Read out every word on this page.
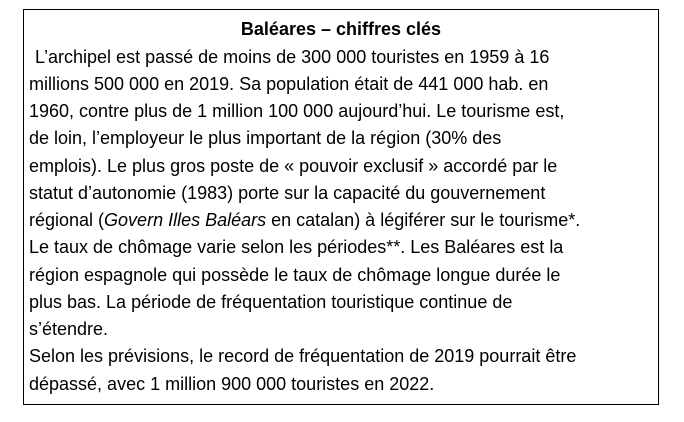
Baléares – chiffres clés
L’archipel est passé de moins de 300 000 touristes en 1959 à 16
millions 500 000 en 2019. Sa population était de 441 000 hab. en
1960, contre plus de 1 million 100 000 aujourd’hui. Le tourisme est,
de loin, l’employeur le plus important de la région (30% des
emplois). Le plus gros poste de « pouvoir exclusif » accordé par le
statut d’autonomie (1983) porte sur la capacité du gouvernement
régional (Govern Illes Baléars en catalan) à légiférer sur le tourisme*.
Le taux de chômage varie selon les périodes**. Les Baléares est la
région espagnole qui possède le taux de chômage longue durée le
plus bas. La période de fréquentation touristique continue de
s’étendre.
Selon les prévisions, le record de fréquentation de 2019 pourrait être
dépassé, avec 1 million 900 000 touristes en 2022.
